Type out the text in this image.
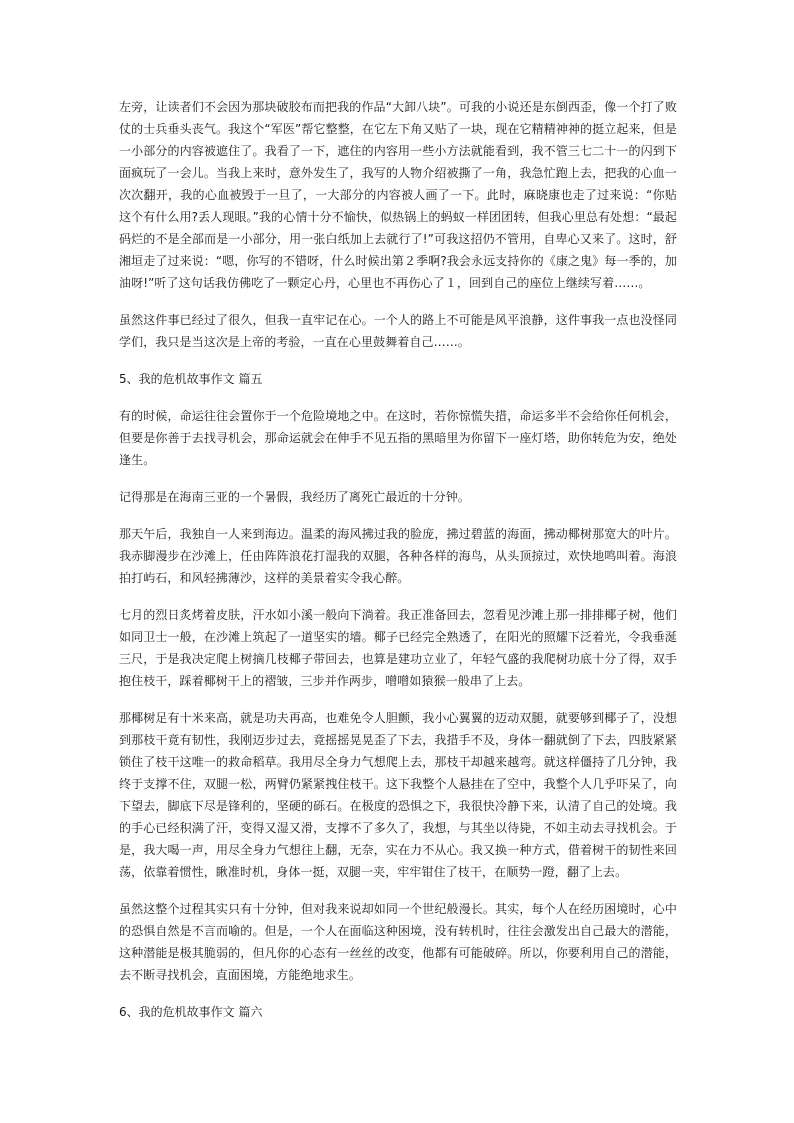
左旁，让读者们不会因为那块破胶布而把我的作品“大卸八块”。可我的小说还是东倒西歪，像一个打了败仗的士兵垂头丧气。我这个“军医”帮它整整，在它左下角又贴了一块，现在它精精神神的挺立起来，但是一小部分的内容被遮住了。我看了一下，遮住的内容用一些小方法就能看到，我不管三七二十一的闪到下面疯玩了一会儿。当我上来时，意外发生了，我写的人物介绍被撕了一角，我急忙跑上去，把我的心血一次次翻开，我的心血被毁于一旦了，一大部分的内容被人画了一下。此时，麻晓康也走了过来说：“你贴这个有什么用?丢人现眼。”我的心情十分不愉快，似热锅上的蚂蚁一样团团转，但我心里总有处想：“最起码烂的不是全部而是一小部分，用一张白纸加上去就行了!”可我这招仍不管用，自卑心又来了。这时，舒湘垣走了过来说：“嗯，你写的不错呀，什么时候出第２季啊?我会永远支持你的《康之鬼》每一季的，加油呀!”听了这句话我仿佛吃了一颗定心丹，心里也不再伤心了１，回到自己的座位上继续写着……。

虽然这件事已经过了很久，但我一直牢记在心。一个人的路上不可能是风平浪静，这件事我一点也没怪同学们，我只是当这次是上帝的考验，一直在心里鼓舞着自己……。

5、我的危机故事作文 篇五

有的时候，命运往往会置你于一个危险境地之中。在这时，若你惊慌失措，命运多半不会给你任何机会，但要是你善于去找寻机会，那命运就会在伸手不见五指的黑暗里为你留下一座灯塔，助你转危为安，绝处逢生。

记得那是在海南三亚的一个暑假，我经历了离死亡最近的十分钟。

那天午后，我独自一人来到海边。温柔的海风拂过我的脸庞，拂过碧蓝的海面，拂动椰树那宽大的叶片。我赤脚漫步在沙滩上，任由阵阵浪花打湿我的双腿，各种各样的海鸟，从头顶掠过，欢快地鸣叫着。海浪拍打屿石，和风轻拂薄沙，这样的美景着实令我心醉。

七月的烈日炙烤着皮肤，汗水如小溪一般向下淌着。我正准备回去，忽看见沙滩上那一排排椰子树，他们如同卫士一般，在沙滩上筑起了一道坚实的墙。椰子已经完全熟透了，在阳光的照耀下泛着光，令我垂涎三尺，于是我决定爬上树摘几枝椰子带回去，也算是建功立业了，年轻气盛的我爬树功底十分了得，双手抱住枝干，踩着椰树干上的褶皱，三步并作两步，噌噌如猿猴一般串了上去。

那椰树足有十米来高，就是功夫再高，也难免令人胆颤，我小心翼翼的迈动双腿，就要够到椰子了，没想到那枝干竟有韧性，我刚迈步过去，竟摇摇晃晃歪了下去，我措手不及，身体一翻就倒了下去，四肢紧紧锁住了枝干这唯一的救命稻草。我用尽全身力气想爬上去，那枝干却越来越弯。就这样僵持了几分钟，我终于支撑不住，双腿一松，两臂仍紧紧拽住枝干。这下我整个人悬挂在了空中，我整个人几乎吓呆了，向下望去，脚底下尽是锋利的，坚硬的砾石。在极度的恐惧之下，我很快冷静下来，认清了自己的处境。我的手心已经积满了汗，变得又湿又滑，支撑不了多久了，我想，与其坐以待毙，不如主动去寻找机会。于是，我大喝一声，用尽全身力气想往上翻，无奈，实在力不从心。我又换一种方式，借着树干的韧性来回荡，依靠着惯性，瞅准时机，身体一挺，双腿一夹，牢牢钳住了枝干，在顺势一蹬，翻了上去。

虽然这整个过程其实只有十分钟，但对我来说却如同一个世纪般漫长。其实，每个人在经历困境时，心中的恐惧自然是不言而喻的。但是，一个人在面临这种困境，没有转机时，往往会激发出自己最大的潜能，这种潜能是极其脆弱的，但凡你的心态有一丝丝的改变，他都有可能破碎。所以，你要利用自己的潜能，去不断寻找机会，直面困境，方能绝地求生。

6、我的危机故事作文 篇六
